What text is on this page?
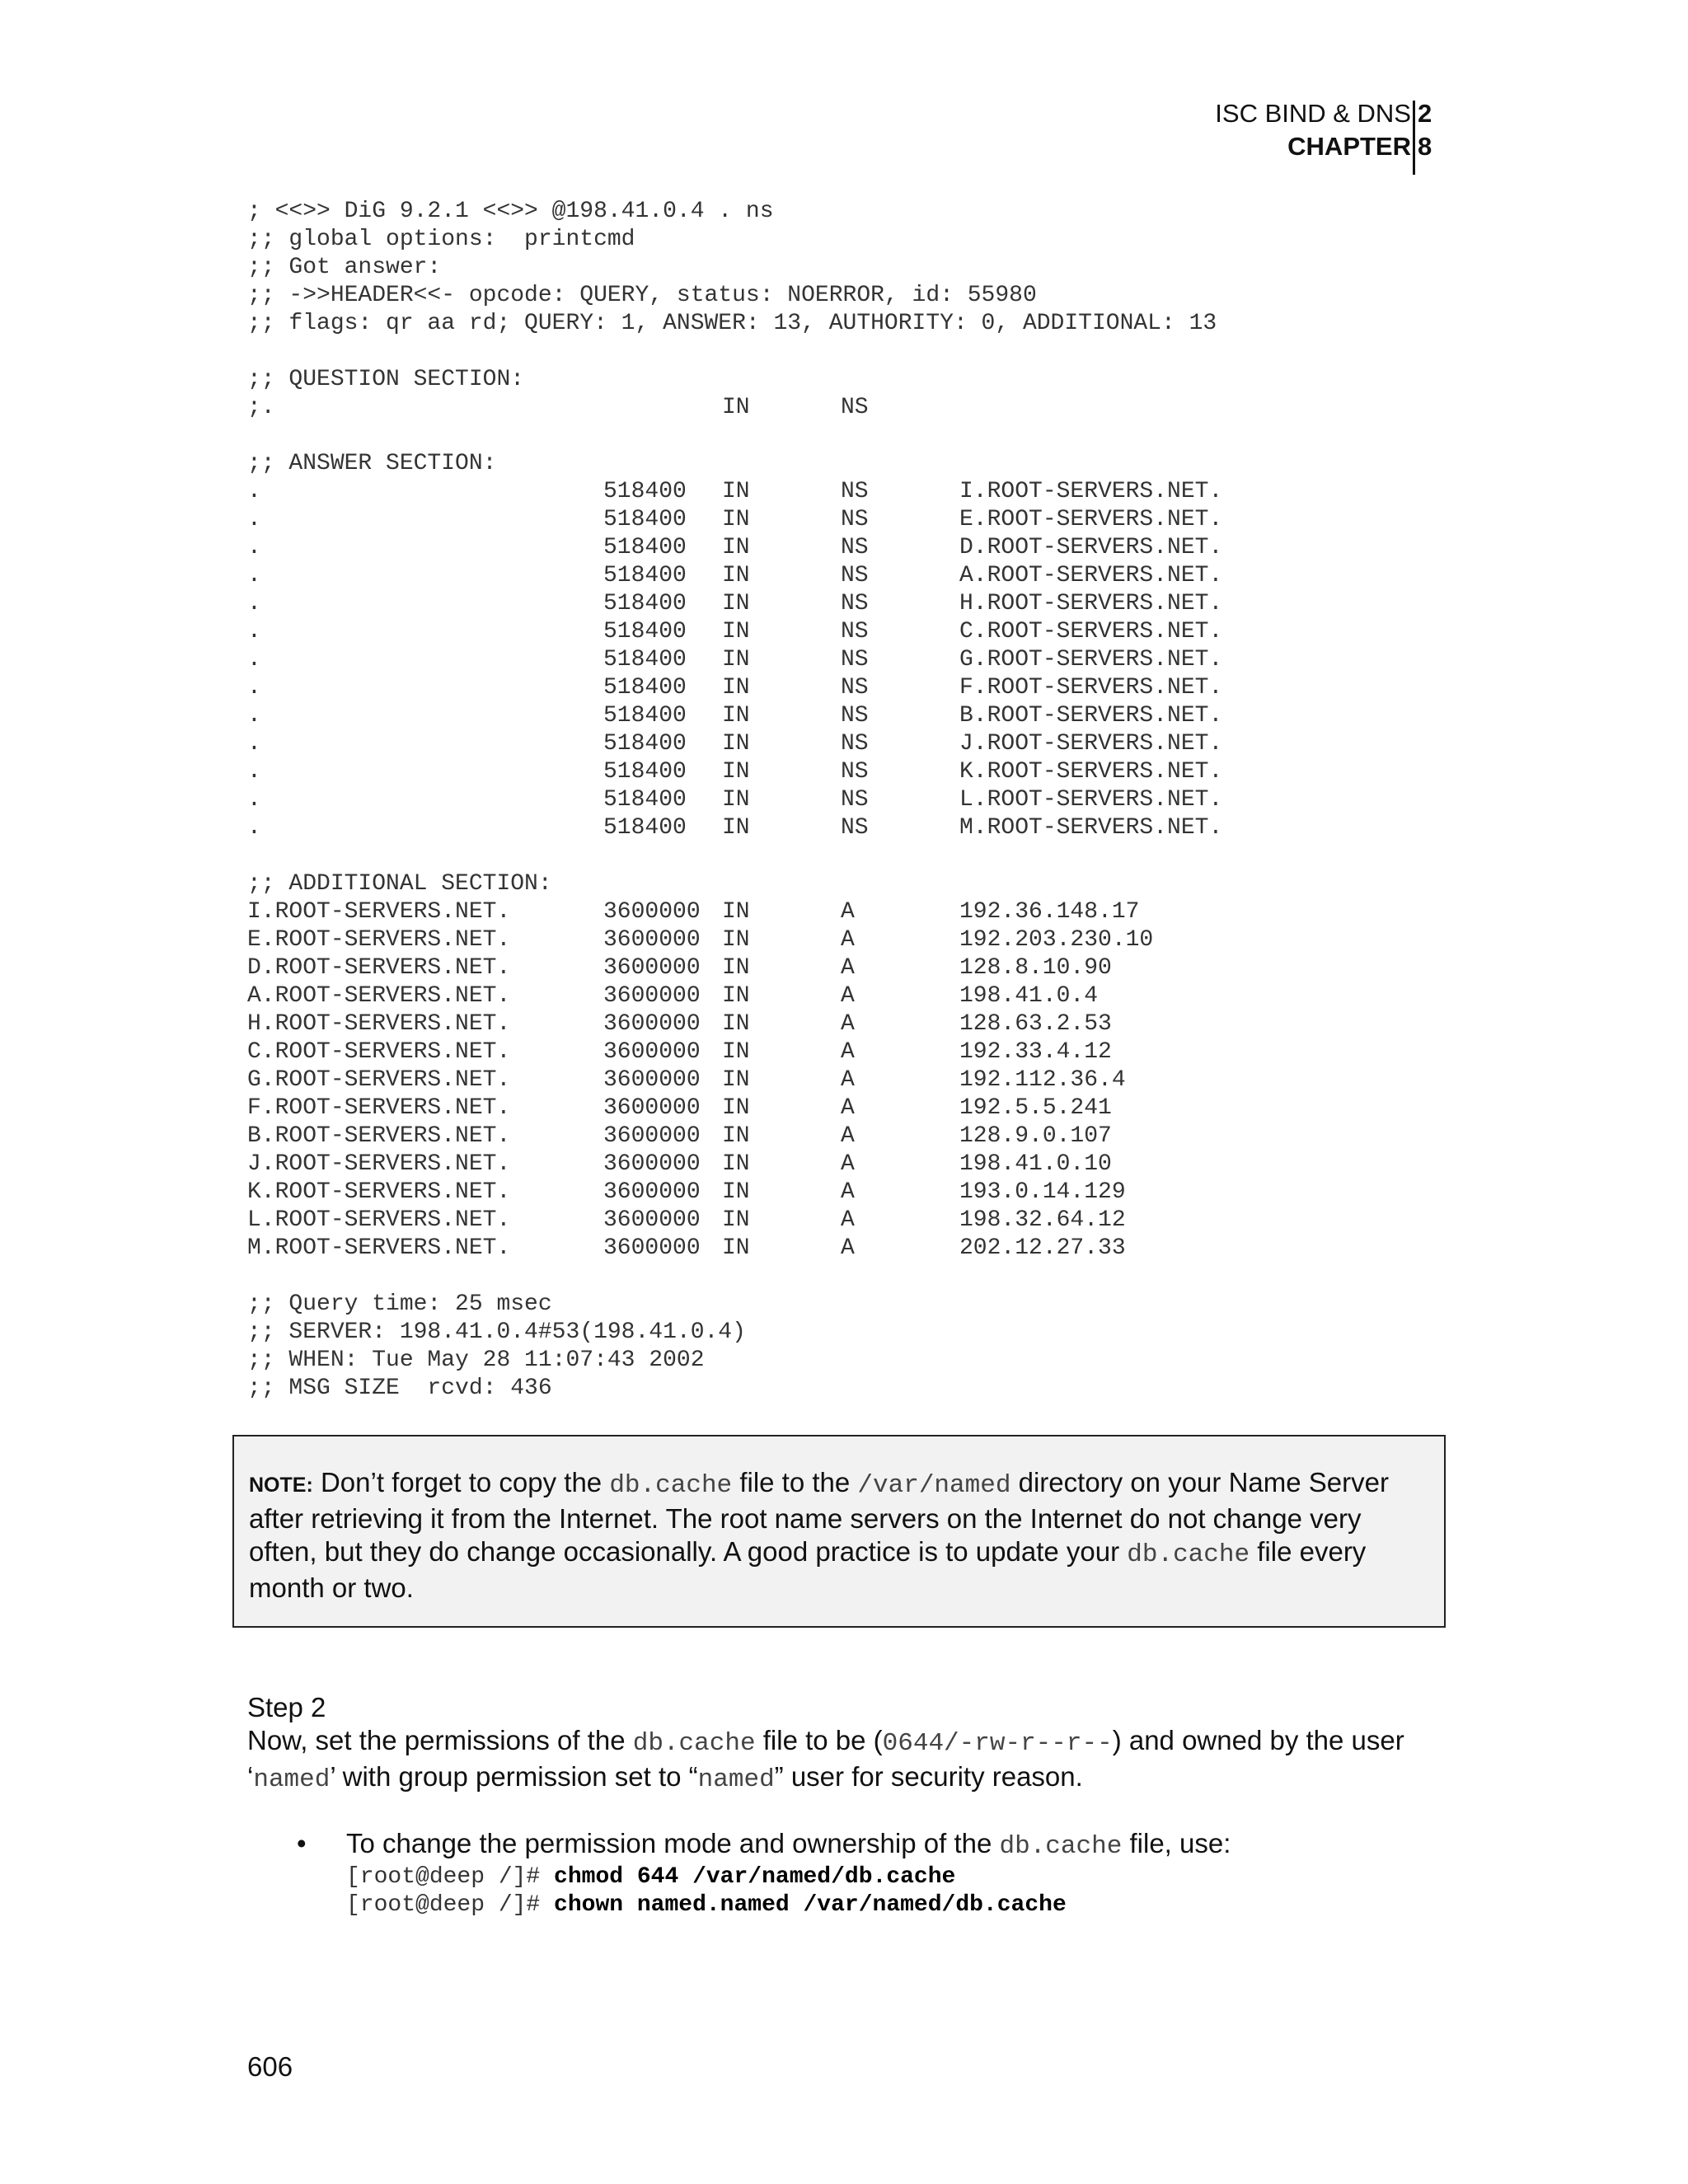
ISC BIND & DNS 2
CHAPTER 8
; <<>> DiG 9.2.1 <<>> @198.41.0.4 . ns
;; global options:  printcmd
;; Got answer:
;; ->>HEADER<<- opcode: QUERY, status: NOERROR, id: 55980
;; flags: qr aa rd; QUERY: 1, ANSWER: 13, AUTHORITY: 0, ADDITIONAL: 13
;; QUESTION SECTION:
;.	IN	NS
;; ANSWER SECTION:
.	518400	IN	NS	I.ROOT-SERVERS.NET.
.	518400	IN	NS	E.ROOT-SERVERS.NET.
.	518400	IN	NS	D.ROOT-SERVERS.NET.
.	518400	IN	NS	A.ROOT-SERVERS.NET.
.	518400	IN	NS	H.ROOT-SERVERS.NET.
.	518400	IN	NS	C.ROOT-SERVERS.NET.
.	518400	IN	NS	G.ROOT-SERVERS.NET.
.	518400	IN	NS	F.ROOT-SERVERS.NET.
.	518400	IN	NS	B.ROOT-SERVERS.NET.
.	518400	IN	NS	J.ROOT-SERVERS.NET.
.	518400	IN	NS	K.ROOT-SERVERS.NET.
.	518400	IN	NS	L.ROOT-SERVERS.NET.
.	518400	IN	NS	M.ROOT-SERVERS.NET.
;; ADDITIONAL SECTION:
I.ROOT-SERVERS.NET.	3600000 IN	A	192.36.148.17
E.ROOT-SERVERS.NET.	3600000 IN	A	192.203.230.10
D.ROOT-SERVERS.NET.	3600000 IN	A	128.8.10.90
A.ROOT-SERVERS.NET.	3600000 IN	A	198.41.0.4
H.ROOT-SERVERS.NET.	3600000 IN	A	128.63.2.53
C.ROOT-SERVERS.NET.	3600000 IN	A	192.33.4.12
G.ROOT-SERVERS.NET.	3600000 IN	A	192.112.36.4
F.ROOT-SERVERS.NET.	3600000 IN	A	192.5.5.241
B.ROOT-SERVERS.NET.	3600000 IN	A	128.9.0.107
J.ROOT-SERVERS.NET.	3600000 IN	A	198.41.0.10
K.ROOT-SERVERS.NET.	3600000 IN	A	193.0.14.129
L.ROOT-SERVERS.NET.	3600000 IN	A	198.32.64.12
M.ROOT-SERVERS.NET.	3600000 IN	A	202.12.27.33
;; Query time: 25 msec
;; SERVER: 198.41.0.4#53(198.41.0.4)
;; WHEN: Tue May 28 11:07:43 2002
;; MSG SIZE  rcvd: 436
NOTE: Don’t forget to copy the db.cache file to the /var/named directory on your Name Server after retrieving it from the Internet. The root name servers on the Internet do not change very often, but they do change occasionally. A good practice is to update your db.cache file every month or two.

Step 2

Now, set the permissions of the db.cache file to be (0644/-rw-r--r--) and owned by the user ‘named’ with group permission set to “named” user for security reason.

• To change the permission mode and ownership of the db.cache file, use:
[root@deep /]# chmod 644 /var/named/db.cache
[root@deep /]# chown named.named /var/named/db.cache
606
